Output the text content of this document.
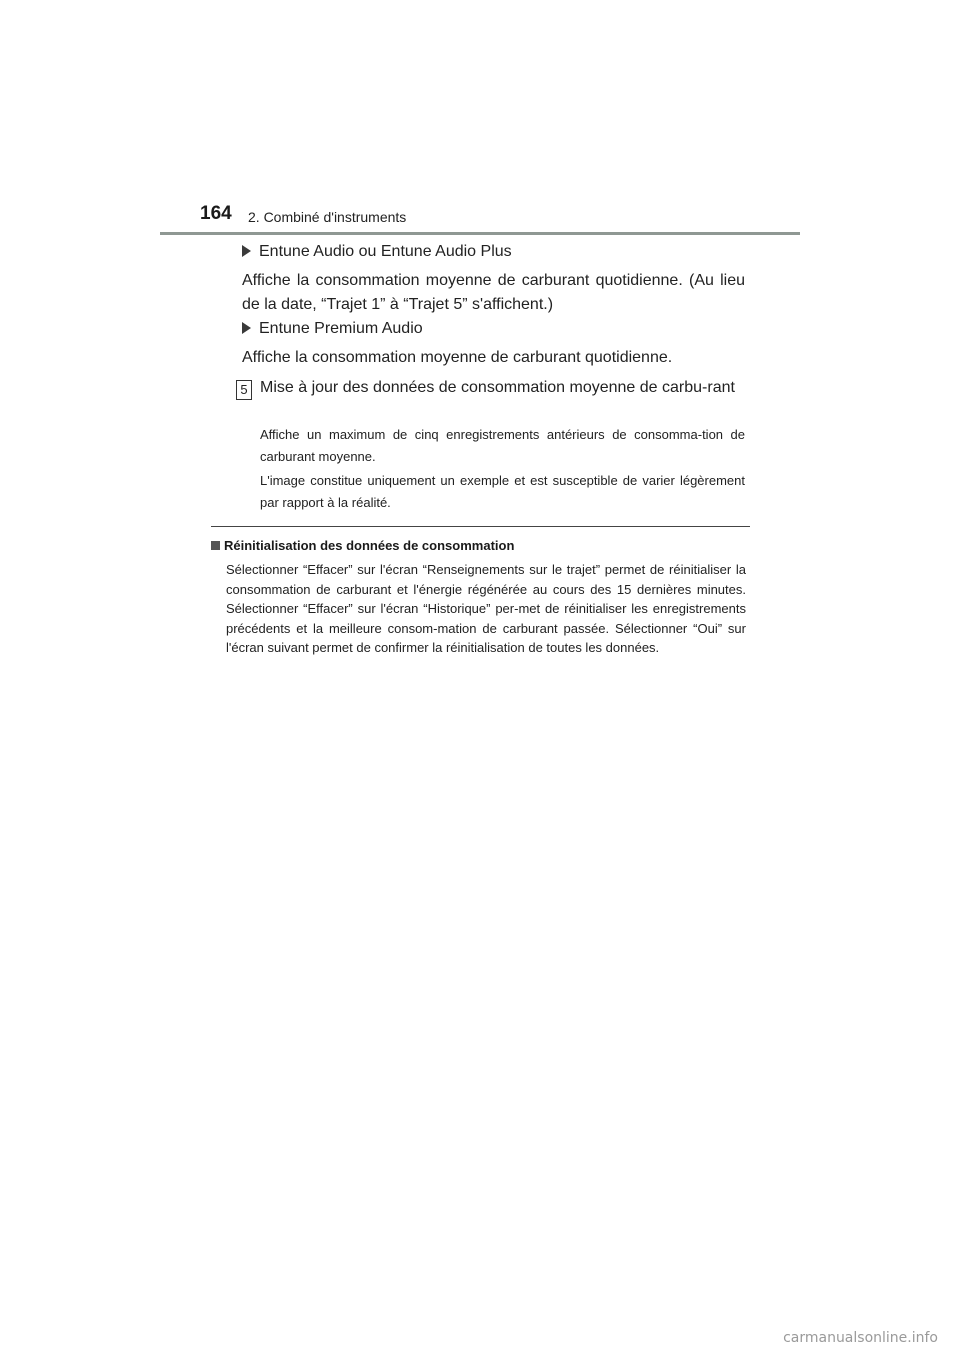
164 2. Combiné d'instruments
Entune Audio ou Entune Audio Plus
Affiche la consommation moyenne de carburant quotidienne. (Au lieu de la date, “Trajet 1” à “Trajet 5” s'affichent.)
Entune Premium Audio
Affiche la consommation moyenne de carburant quotidienne.
5 Mise à jour des données de consommation moyenne de carbu-rant
Affiche un maximum de cinq enregistrements antérieurs de consomma-tion de carburant moyenne.
L'image constitue uniquement un exemple et est susceptible de varier légèrement par rapport à la réalité.
Réinitialisation des données de consommation
Sélectionner “Effacer” sur l'écran “Renseignements sur le trajet” permet de réinitialiser la consommation de carburant et l'énergie régénérée au cours des 15 dernières minutes. Sélectionner “Effacer” sur l'écran “Historique” per-met de réinitialiser les enregistrements précédents et la meilleure consom-mation de carburant passée. Sélectionner “Oui” sur l'écran suivant permet de confirmer la réinitialisation de toutes les données.
carmanualsonline.info
